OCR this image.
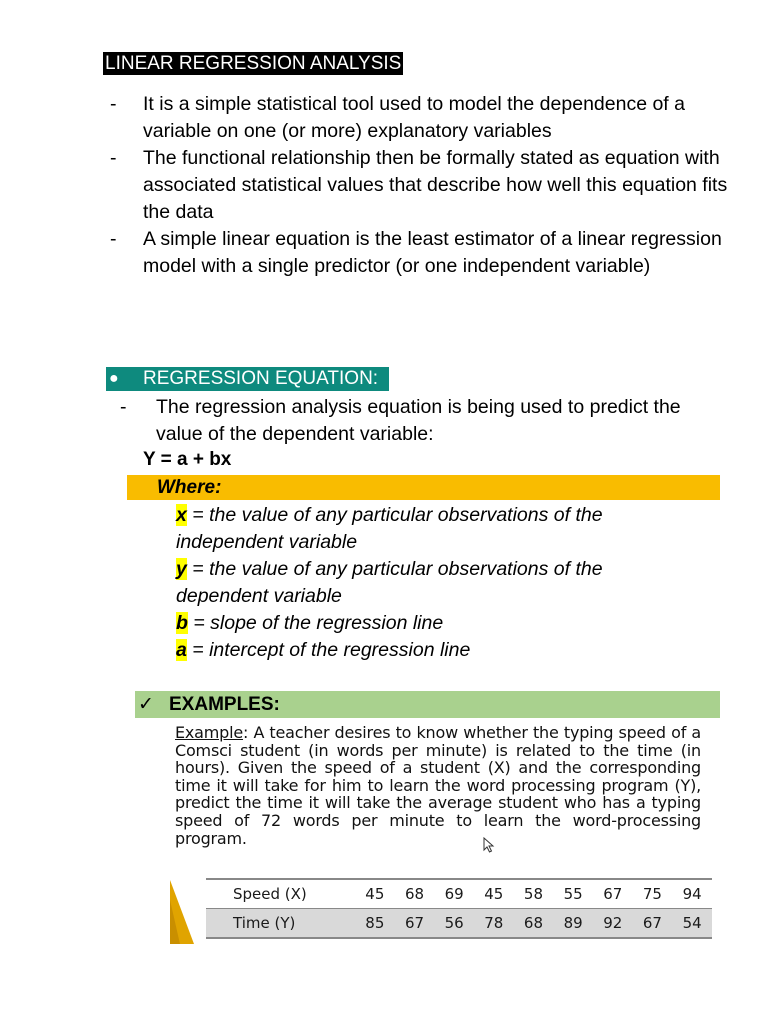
LINEAR REGRESSION ANALYSIS
- It is a simple statistical tool used to model the dependence of a variable on one (or more) explanatory variables
- The functional relationship then be formally stated as equation with associated statistical values that describe how well this equation fits the data
- A simple linear equation is the least estimator of a linear regression model with a single predictor (or one independent variable)
● REGRESSION EQUATION:
- The regression analysis equation is being used to predict the value of the dependent variable:
Y = a + bx
Where:
x = the value of any particular observations of the
independent variable
y = the value of any particular observations of the
dependent variable
b = slope of the regression line
a = intercept of the regression line
✓ EXAMPLES:
Example: A teacher desires to know whether the typing speed of a Comsci student (in words per minute) is related to the time (in hours). Given the speed of a student (X) and the corresponding time it will take for him to learn the word processing program (Y), predict the time it will take the average student who has a typing speed of 72 words per minute to learn the word-processing program.
Speed (X)	45	68	69	45	58	55	67	75	94
Time (Y)	85	67	56	78	68	89	92	67	54
